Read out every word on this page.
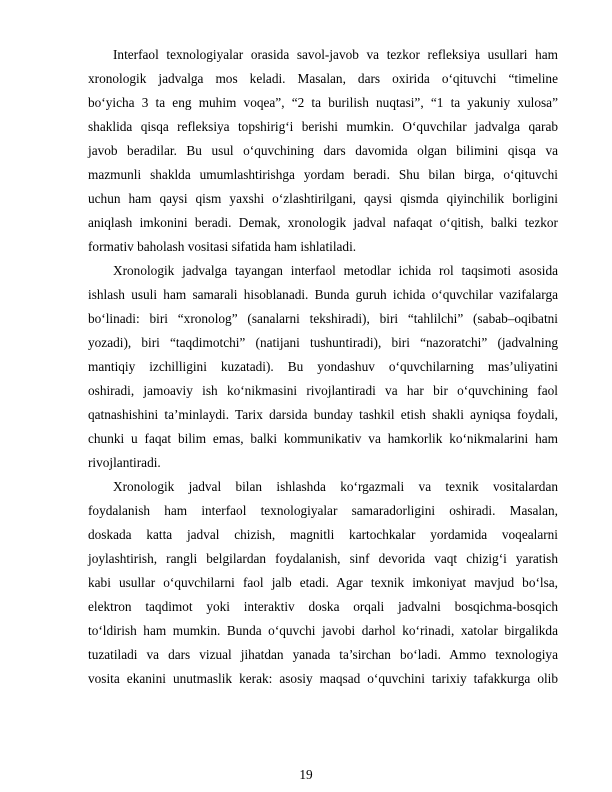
Interfaol texnologiyalar orasida savol-javob va tezkor refleksiya usullari ham
xronologik jadvalga mos keladi. Masalan, dars oxirida o‘qituvchi “timeline
bo‘yicha 3 ta eng muhim voqea”, “2 ta burilish nuqtasi”, “1 ta yakuniy xulosa”
shaklida qisqa refleksiya topshirig‘i berishi mumkin. O‘quvchilar jadvalga qarab
javob beradilar. Bu usul o‘quvchining dars davomida olgan bilimini qisqa va
mazmunli shaklda umumlashtirishga yordam beradi. Shu bilan birga, o‘qituvchi
uchun ham qaysi qism yaxshi o‘zlashtirilgani, qaysi qismda qiyinchilik borligini
aniqlash imkonini beradi. Demak, xronologik jadval nafaqat o‘qitish, balki tezkor
formativ baholash vositasi sifatida ham ishlatiladi.
Xronologik jadvalga tayangan interfaol metodlar ichida rol taqsimoti asosida
ishlash usuli ham samarali hisoblanadi. Bunda guruh ichida o‘quvchilar vazifalarga
bo‘linadi: biri “xronolog” (sanalarni tekshiradi), biri “tahlilchi” (sabab–oqibatni
yozadi), biri “taqdimotchi” (natijani tushuntiradi), biri “nazoratchi” (jadvalning
mantiqiy izchilligini kuzatadi). Bu yondashuv o‘quvchilarning mas’uliyatini
oshiradi, jamoaviy ish ko‘nikmasini rivojlantiradi va har bir o‘quvchining faol
qatnashishini ta’minlaydi. Tarix darsida bunday tashkil etish shakli ayniqsa foydali,
chunki u faqat bilim emas, balki kommunikativ va hamkorlik ko‘nikmalarini ham
rivojlantiradi.
Xronologik jadval bilan ishlashda ko‘rgazmali va texnik vositalardan
foydalanish ham interfaol texnologiyalar samaradorligini oshiradi. Masalan,
doskada katta jadval chizish, magnitli kartochkalar yordamida voqealarni
joylashtirish, rangli belgilardan foydalanish, sinf devorida vaqt chizig‘i yaratish
kabi usullar o‘quvchilarni faol jalb etadi. Agar texnik imkoniyat mavjud bo‘lsa,
elektron taqdimot yoki interaktiv doska orqali jadvalni bosqichma-bosqich
to‘ldirish ham mumkin. Bunda o‘quvchi javobi darhol ko‘rinadi, xatolar birgalikda
tuzatiladi va dars vizual jihatdan yanada ta’sirchan bo‘ladi. Ammo texnologiya
vosita ekanini unutmaslik kerak: asosiy maqsad o‘quvchini tarixiy tafakkurga olib
19
